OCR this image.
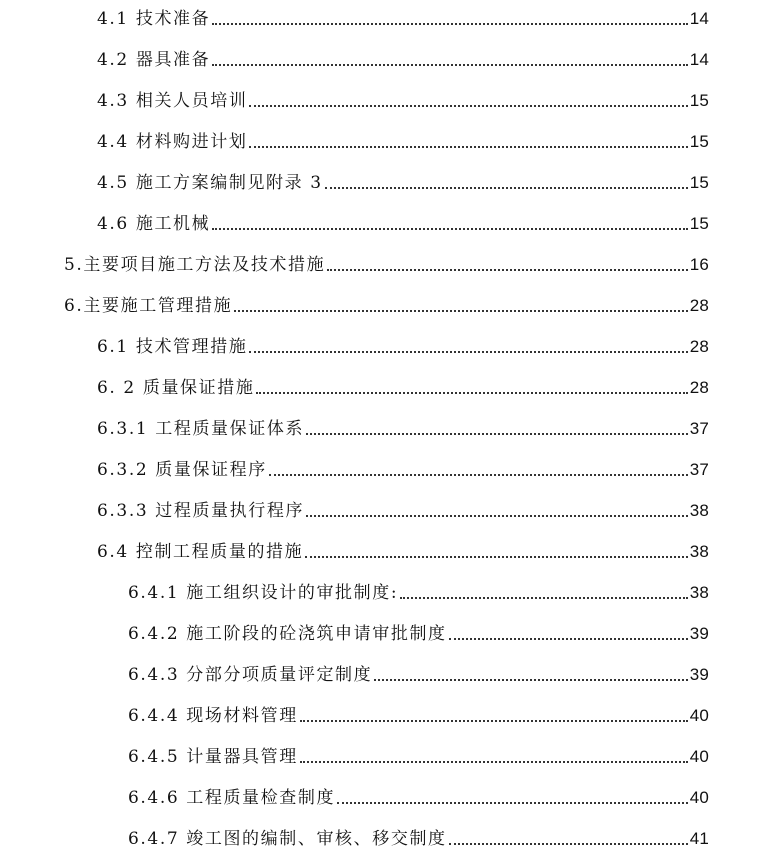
4.1 技术准备	14
4.2 器具准备	14
4.3 相关人员培训	15
4.4 材料购进计划	15
4.5 施工方案编制见附录 3	15
4.6 施工机械	15
5.主要项目施工方法及技术措施	16
6.主要施工管理措施	28
6.1 技术管理措施	28
6. 2 质量保证措施	28
6.3.1 工程质量保证体系	37
6.3.2 质量保证程序	37
6.3.3 过程质量执行程序	38
6.4 控制工程质量的措施	38
6.4.1 施工组织设计的审批制度:	38
6.4.2 施工阶段的砼浇筑申请审批制度	39
6.4.3 分部分项质量评定制度	39
6.4.4 现场材料管理	40
6.4.5 计量器具管理	40
6.4.6 工程质量检查制度	40
6.4.7 竣工图的编制、审核、移交制度	41
